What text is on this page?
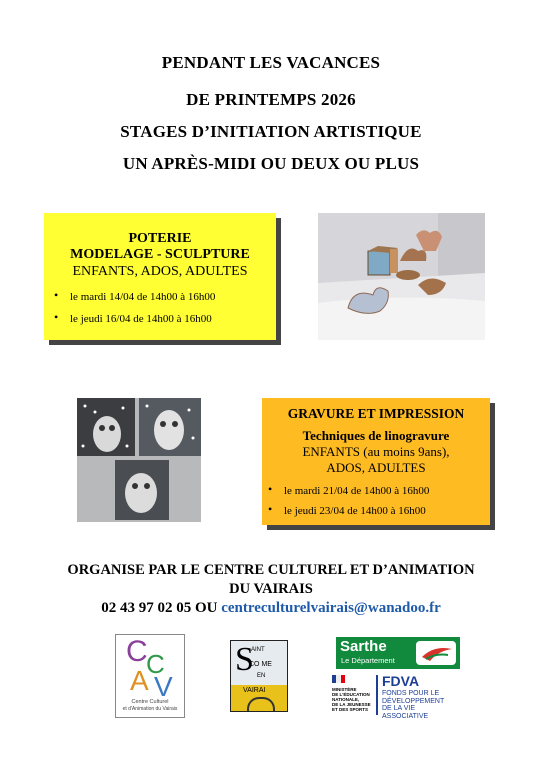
PENDANT LES VACANCES
DE PRINTEMPS 2026
STAGES D’INITIATION ARTISTIQUE
UN APRÈS-MIDI OU DEUX OU PLUS
POTERIE
MODELAGE - SCULPTURE
ENFANTS, ADOS, ADULTES
• le mardi 14/04 de 14h00 à 16h00
• le jeudi 16/04 de 14h00 à 16h00
GRAVURE ET IMPRESSION
Techniques de linogravure
ENFANTS (au moins 9ans),
ADOS, ADULTES
• le mardi 21/04 de 14h00 à 16h00
• le jeudi 23/04 de 14h00 à 16h00
ORGANISE PAR LE CENTRE CULTUREL ET D’ANIMATION
DU VAIRAIS
02 43 97 02 05 OU centreculturelvairais@wanadoo.fr
C
C
A V
Centre Culturel
et d'Animation du Vairais
S
AINT
CO ME
EN
VAIRAI
Sarthe
Le Département
MINISTÈRE
DE L'ÉDUCATION
NATIONALE,
DE LA JEUNESSE
ET DES SPORTS
FDVA
FONDS POUR LE
DÉVELOPPEMENT
DE LA VIE
ASSOCIATIVE
